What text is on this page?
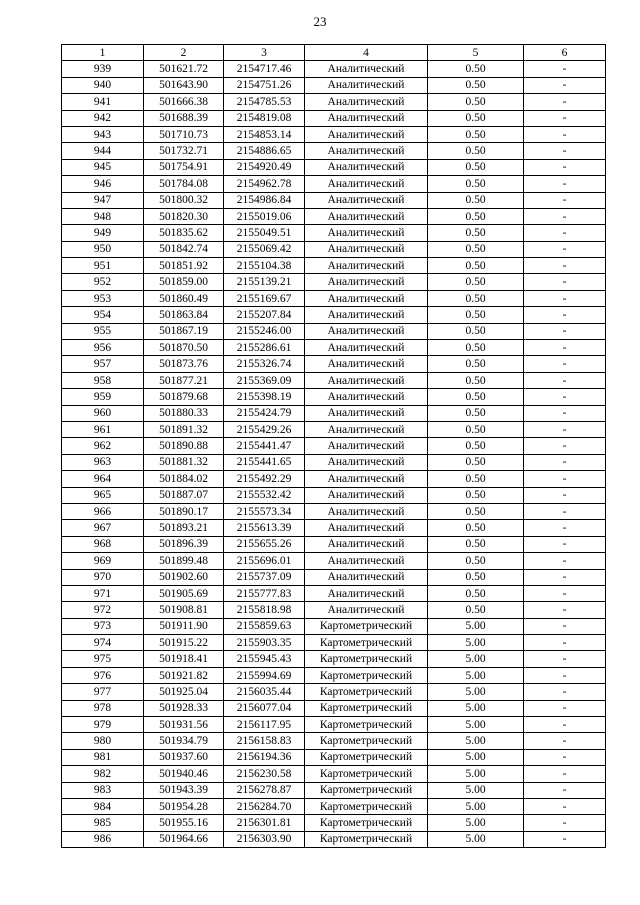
23
1	2	3	4	5	6
939	501621.72	2154717.46	Аналитический	0.50	-
940	501643.90	2154751.26	Аналитический	0.50	-
941	501666.38	2154785.53	Аналитический	0.50	-
942	501688.39	2154819.08	Аналитический	0.50	-
943	501710.73	2154853.14	Аналитический	0.50	-
944	501732.71	2154886.65	Аналитический	0.50	-
945	501754.91	2154920.49	Аналитический	0.50	-
946	501784.08	2154962.78	Аналитический	0.50	-
947	501800.32	2154986.84	Аналитический	0.50	-
948	501820.30	2155019.06	Аналитический	0.50	-
949	501835.62	2155049.51	Аналитический	0.50	-
950	501842.74	2155069.42	Аналитический	0.50	-
951	501851.92	2155104.38	Аналитический	0.50	-
952	501859.00	2155139.21	Аналитический	0.50	-
953	501860.49	2155169.67	Аналитический	0.50	-
954	501863.84	2155207.84	Аналитический	0.50	-
955	501867.19	2155246.00	Аналитический	0.50	-
956	501870.50	2155286.61	Аналитический	0.50	-
957	501873.76	2155326.74	Аналитический	0.50	-
958	501877.21	2155369.09	Аналитический	0.50	-
959	501879.68	2155398.19	Аналитический	0.50	-
960	501880.33	2155424.79	Аналитический	0.50	-
961	501891.32	2155429.26	Аналитический	0.50	-
962	501890.88	2155441.47	Аналитический	0.50	-
963	501881.32	2155441.65	Аналитический	0.50	-
964	501884.02	2155492.29	Аналитический	0.50	-
965	501887.07	2155532.42	Аналитический	0.50	-
966	501890.17	2155573.34	Аналитический	0.50	-
967	501893.21	2155613.39	Аналитический	0.50	-
968	501896.39	2155655.26	Аналитический	0.50	-
969	501899.48	2155696.01	Аналитический	0.50	-
970	501902.60	2155737.09	Аналитический	0.50	-
971	501905.69	2155777.83	Аналитический	0.50	-
972	501908.81	2155818.98	Аналитический	0.50	-
973	501911.90	2155859.63	Картометрический	5.00	-
974	501915.22	2155903.35	Картометрический	5.00	-
975	501918.41	2155945.43	Картометрический	5.00	-
976	501921.82	2155994.69	Картометрический	5.00	-
977	501925.04	2156035.44	Картометрический	5.00	-
978	501928.33	2156077.04	Картометрический	5.00	-
979	501931.56	2156117.95	Картометрический	5.00	-
980	501934.79	2156158.83	Картометрический	5.00	-
981	501937.60	2156194.36	Картометрический	5.00	-
982	501940.46	2156230.58	Картометрический	5.00	-
983	501943.39	2156278.87	Картометрический	5.00	-
984	501954.28	2156284.70	Картометрический	5.00	-
985	501955.16	2156301.81	Картометрический	5.00	-
986	501964.66	2156303.90	Картометрический	5.00	-
